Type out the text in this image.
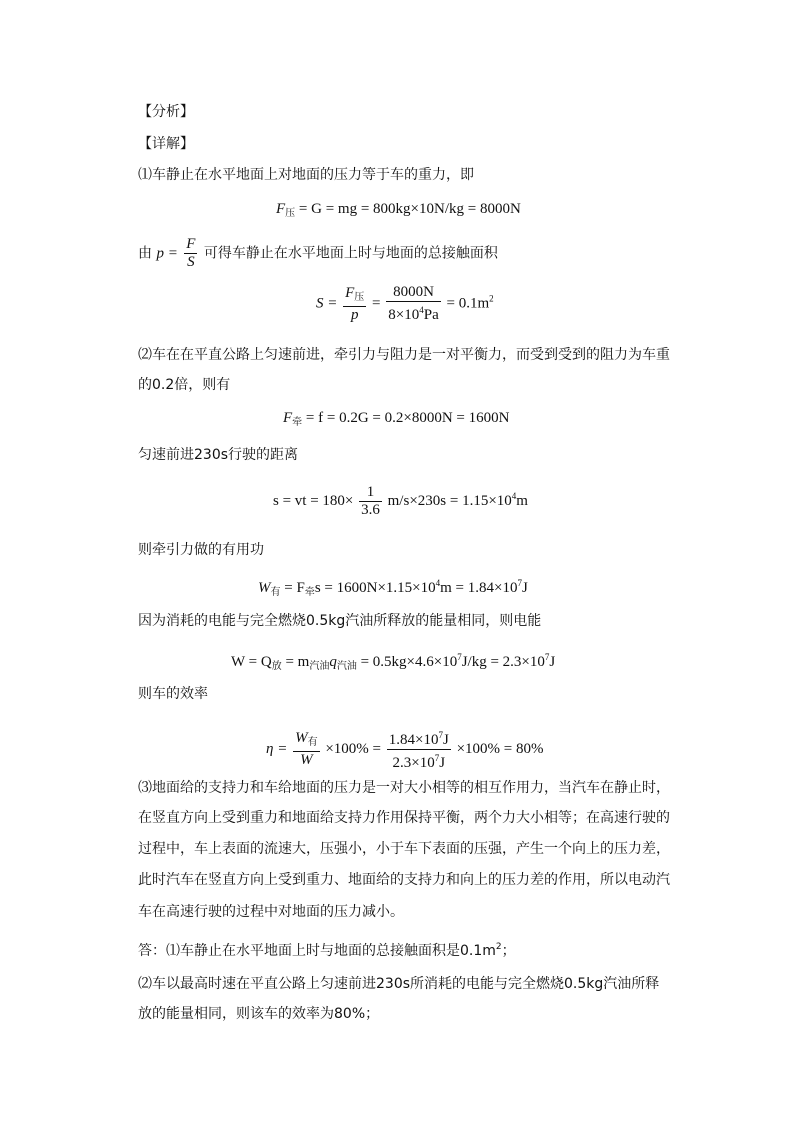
【分析】
【详解】
⑴车静止在水平地面上对地面的压力等于车的重力，即
$F_压 = G$ = mg = 800kg×10N/kg = 8000N
由 $p = \frac{F}{S}$ 可得车静止在水平地面上时与地面的总接触面积
$S = \frac{F_压}{p} = \frac{8000N}{8\times 10^4Pa} = 0.1m^2$
⑵车在在平直公路上匀速前进，牵引力与阻力是一对平衡力，而受到受到的阻力为车重
的0.2倍，则有
$F_牵 = f = 0.2G = 0.2\times 8000N = 1600N$
匀速前进230s行驶的距离
s = vt = $180\times \frac{1}{3.6} m/s\times 230s = 1.15\times 10^4m$
则牵引力做的有用功
$W_有 = F_牵s = 1600N\times 1.15\times 10^4m = 1.84\times 10^7J$
因为消耗的电能与完全燃烧0.5kg汽油所释放的能量相同，则电能
$W = Q_放 = m_{汽油}q_{汽油} = 0.5kg\times 4.6\times 10^7J/kg = 2.3\times 10^7J$
则车的效率
$\eta = \frac{W_有}{W} \times 100\% = \frac{1.84\times 10^7J}{2.3\times 10^7J} \times 100\% = 80\%$
⑶地面给的支持力和车给地面的压力是一对大小相等的相互作用力，当汽车在静止时，
在竖直方向上受到重力和地面给支持力作用保持平衡，两个力大小相等；在高速行驶的
过程中，车上表面的流速大，压强小，小于车下表面的压强，产生一个向上的压力差，
此时汽车在竖直方向上受到重力、地面给的支持力和向上的压力差的作用，所以电动汽
车在高速行驶的过程中对地面的压力减小。
答：⑴车静止在水平地面上时与地面的总接触面积是$0.1m^2$；
⑵车以最高时速在平直公路上匀速前进230s所消耗的电能与完全燃烧0.5kg汽油所释
放的能量相同，则该车的效率为80%；
